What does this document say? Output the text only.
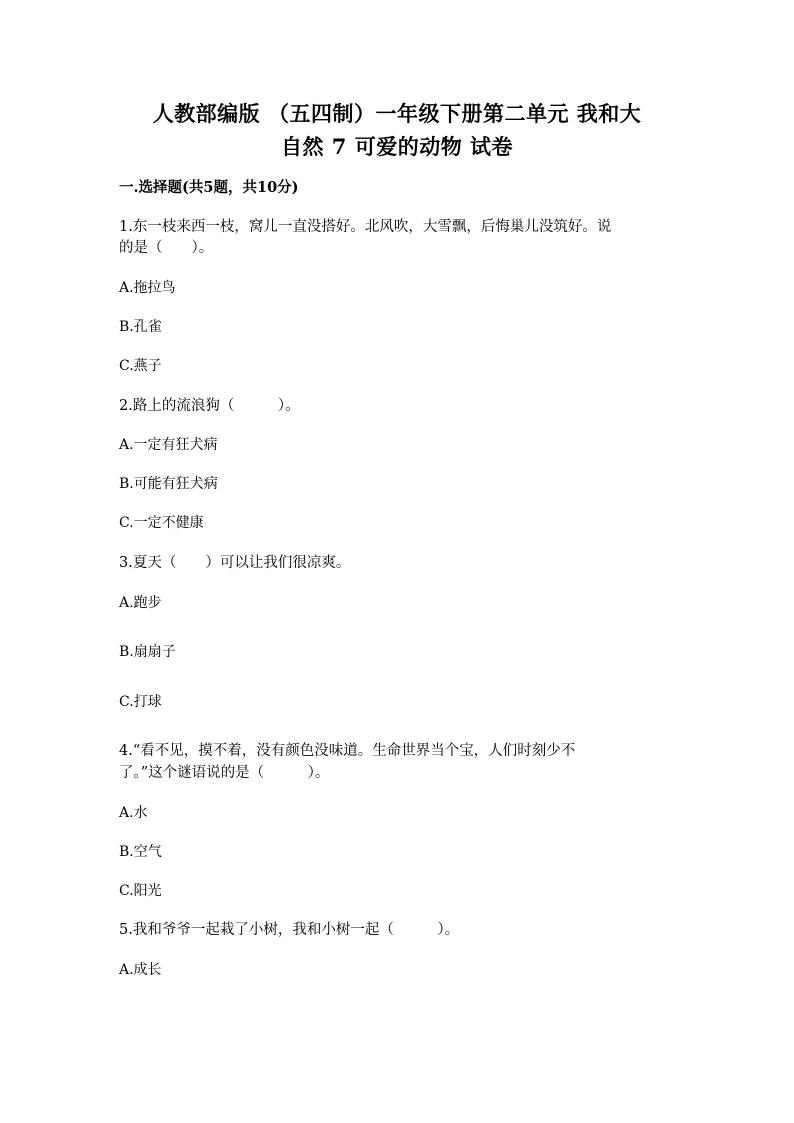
人教部编版 （五四制）一年级下册第二单元 我和大
自然 7 可爱的动物 试卷
一.选择题(共5题，共10分)
1.东一枝来西一枝，窝儿一直没搭好。北风吹，大雪飘，后悔巢儿没筑好。说
的是（　　）。
A.拖拉鸟
B.孔雀
C.燕子
2.路上的流浪狗（　　　）。
A.一定有狂犬病
B.可能有狂犬病
C.一定不健康
3.夏天（　　）可以让我们很凉爽。
A.跑步
B.扇扇子
C.打球
4.“看不见，摸不着，没有颜色没味道。生命世界当个宝，人们时刻少不
了。”这个谜语说的是（　　　）。
A.水
B.空气
C.阳光
5.我和爷爷一起栽了小树，我和小树一起（　　　）。
A.成长
